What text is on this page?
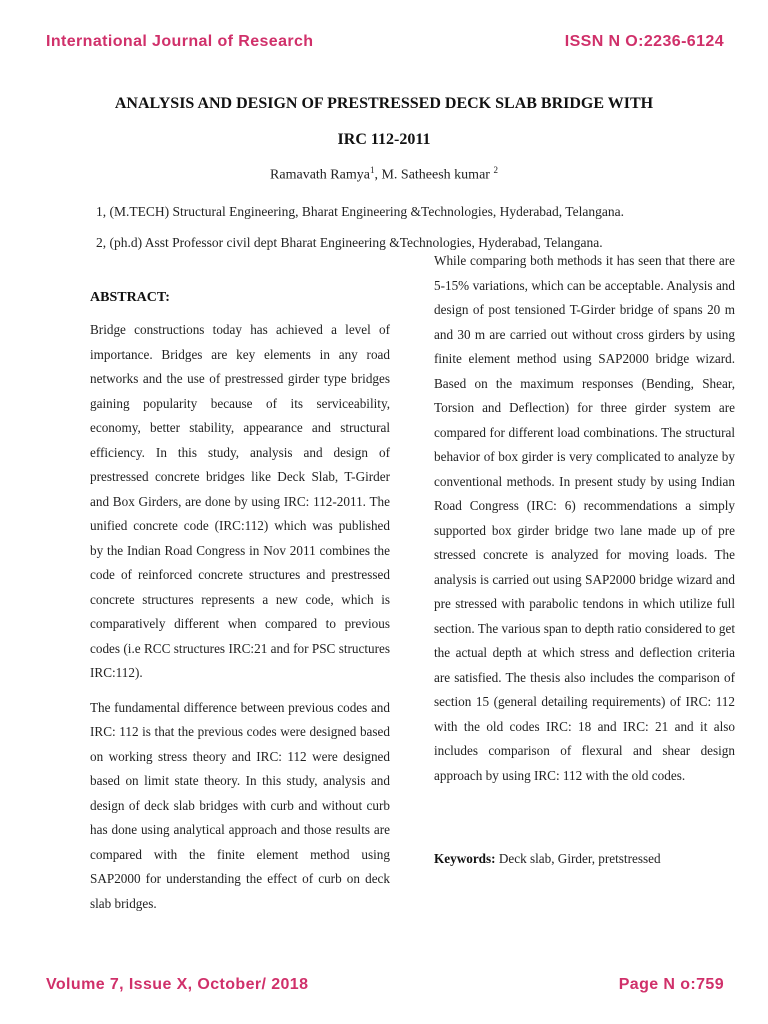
International Journal of Research	ISSN N O:2236-6124
ANALYSIS AND DESIGN OF PRESTRESSED DECK SLAB BRIDGE WITH
IRC 112-2011
Ramavath Ramya$^1$, M. Satheesh kumar $^2$
1, (M.TECH) Structural Engineering, Bharat Engineering &Technologies, Hyderabad, Telangana.
2, (ph.d) Asst Professor civil dept Bharat Engineering &Technologies, Hyderabad, Telangana.
ABSTRACT:

Bridge constructions today has achieved a level of importance. Bridges are key elements in any road networks and the use of prestressed girder type bridges gaining popularity because of its serviceability, economy, better stability, appearance and structural efficiency. In this study, analysis and design of prestressed concrete bridges like Deck Slab, T-Girder and Box Girders, are done by using IRC: 112-2011. The unified concrete code (IRC:112) which was published by the Indian Road Congress in Nov 2011 combines the code of reinforced concrete structures and prestressed concrete structures represents a new code, which is comparatively different when compared to previous codes (i.e RCC structures IRC:21 and for PSC structures IRC:112).

The fundamental difference between previous codes and IRC: 112 is that the previous codes were designed based on working stress theory and IRC: 112 were designed based on limit state theory. In this study, analysis and design of deck slab bridges with curb and without curb has done using analytical approach and those results are compared with the finite element method using SAP2000 for understanding the effect of curb on deck slab bridges.

While comparing both methods it has seen that there are 5-15% variations, which can be acceptable. Analysis and design of post tensioned T-Girder bridge of spans 20 m and 30 m are carried out without cross girders by using finite element method using SAP2000 bridge wizard. Based on the maximum responses (Bending, Shear, Torsion and Deflection) for three girder system are compared for different load combinations. The structural behavior of box girder is very complicated to analyze by conventional methods. In present study by using Indian Road Congress (IRC: 6) recommendations a simply supported box girder bridge two lane made up of pre stressed concrete is analyzed for moving loads. The analysis is carried out using SAP2000 bridge wizard and pre stressed with parabolic tendons in which utilize full section. The various span to depth ratio considered to get the actual depth at which stress and deflection criteria are satisfied. The thesis also includes the comparison of section 15 (general detailing requirements) of IRC: 112 with the old codes IRC: 18 and IRC: 21 and it also includes comparison of flexural and shear design approach by using IRC: 112 with the old codes.

Keywords: Deck slab, Girder, pretstressed
Volume 7, Issue X, October/ 2018	Page N o:759
